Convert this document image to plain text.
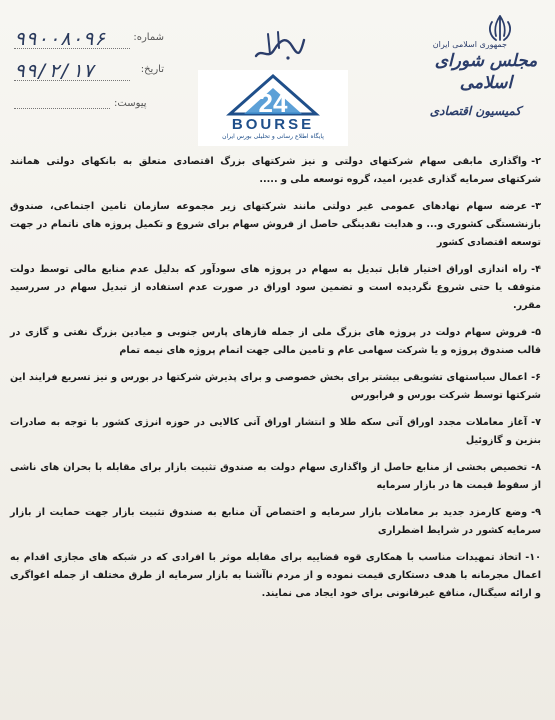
۹۹۰۰۸۰۹۶	شماره:
۹۹/۲/۱۷	تاریخ:
پیوست:	24
BOURSE
پایگاه اطلاع رسانی و تحلیلی بورس ایران
جمهوری اسلامی ایران
مجلس شورای اسلامی
کمیسیون اقتصادی
۲-واگذاری مابقی سهام شرکتهای دولتی و نیز شرکتهای بزرگ اقتصادی متعلق به بانکهای دولتی همانند شرکتهای سرمایه گذاری غدیر، امید، گروه توسعه ملی و .....
۳-عرضه سهام نهادهای عمومی غیر دولتی مانند شرکتهای زیر مجموعه سازمان تامین اجتماعی، صندوق بازنشستگی کشوری و... و هدایت نقدینگی حاصل از فروش سهام برای شروع و تکمیل پروژه های ناتمام در جهت توسعه اقتصادی کشور
۴-راه اندازی اوراق اختیار قابل تبدیل به سهام در پروژه های سودآور که بدلیل عدم منابع مالی توسط دولت متوقف یا حتی شروع نگردیده است و تضمین سود اوراق در صورت عدم استفاده از تبدیل سهام در سررسید مقرر.
۵-فروش سهام دولت در پروژه های بزرگ ملی از جمله فازهای پارس جنوبی و میادین بزرگ نفتی و گازی در قالب صندوق پروژه و یا شرکت سهامی عام و تامین مالی جهت اتمام پروژه های نیمه تمام
۶-اعمال سیاستهای تشویقی بیشتر برای بخش خصوصی و برای پذیرش شرکتها در بورس و نیز تسریع فرایند این شرکتها توسط شرکت بورس و فرابورس
۷-آغاز معاملات مجدد اوراق آتی سکه طلا و انتشار اوراق آتی کالایی در حوزه انرژی کشور با توجه به صادرات بنزین و گازوئیل
۸-تخصیص بخشی از منابع حاصل از واگذاری سهام دولت به صندوق تثبیت بازار برای مقابله با بحران های ناشی از سقوط قیمت ها در بازار سرمایه
۹-وضع کارمزد جدید بر معاملات بازار سرمایه و اختصاص آن منابع به صندوق تثبیت بازار جهت حمایت از بازار سرمایه کشور در شرایط اضطراری
۱۰-اتخاذ تمهیدات مناسب با همکاری قوه قضاییه برای مقابله موثر با افرادی که در شبکه های مجازی اقدام به اعمال مجرمانه با هدف دستکاری قیمت نموده و از مردم ناآشنا به بازار سرمایه از طرق مختلف از جمله اغواگری و ارائه سیگنال، منافع غیرقانونی برای خود ایجاد می نمایند.
